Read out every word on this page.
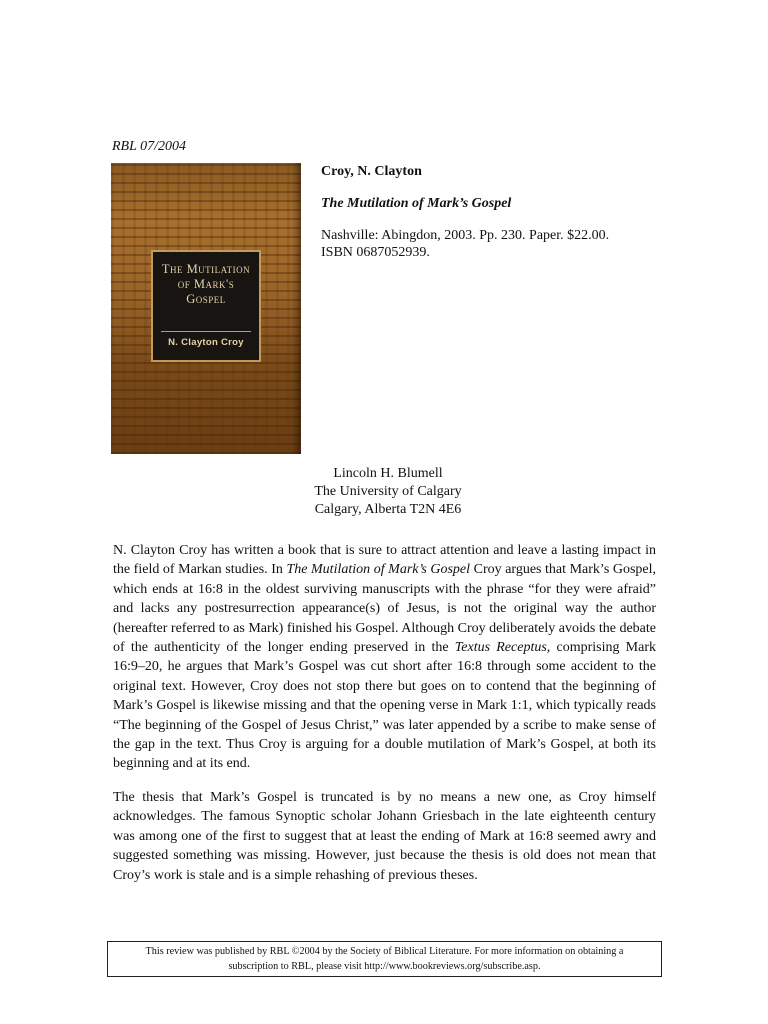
RBL 07/2004
The Mutilation of Mark's Gospel
N. Clayton Croy

Croy, N. Clayton

The Mutilation of Mark’s Gospel

Nashville: Abingdon, 2003. Pp. 230. Paper. $22.00.

ISBN 0687052939.

Lincoln H. Blumell
The University of Calgary
Calgary, Alberta T2N 4E6

N. Clayton Croy has written a book that is sure to attract attention and leave a lasting impact in the field of Markan studies. In The Mutilation of Mark’s Gospel Croy argues that Mark’s Gospel, which ends at 16:8 in the oldest surviving manuscripts with the phrase “for they were afraid” and lacks any postresurrection appearance(s) of Jesus, is not the original way the author (hereafter referred to as Mark) finished his Gospel. Although Croy deliberately avoids the debate of the authenticity of the longer ending preserved in the Textus Receptus, comprising Mark 16:9–20, he argues that Mark’s Gospel was cut short after 16:8 through some accident to the original text. However, Croy does not stop there but goes on to contend that the beginning of Mark’s Gospel is likewise missing and that the opening verse in Mark 1:1, which typically reads “The beginning of the Gospel of Jesus Christ,” was later appended by a scribe to make sense of the gap in the text. Thus Croy is arguing for a double mutilation of Mark’s Gospel, at both its beginning and at its end.

The thesis that Mark’s Gospel is truncated is by no means a new one, as Croy himself acknowledges. The famous Synoptic scholar Johann Griesbach in the late eighteenth century was among one of the first to suggest that at least the ending of Mark at 16:8 seemed awry and suggested something was missing. However, just because the thesis is old does not mean that Croy’s work is stale and is a simple rehashing of previous theses.

This review was published by RBL ©2004 by the Society of Biblical Literature. For more information on obtaining a
subscription to RBL, please visit http://www.bookreviews.org/subscribe.asp.
